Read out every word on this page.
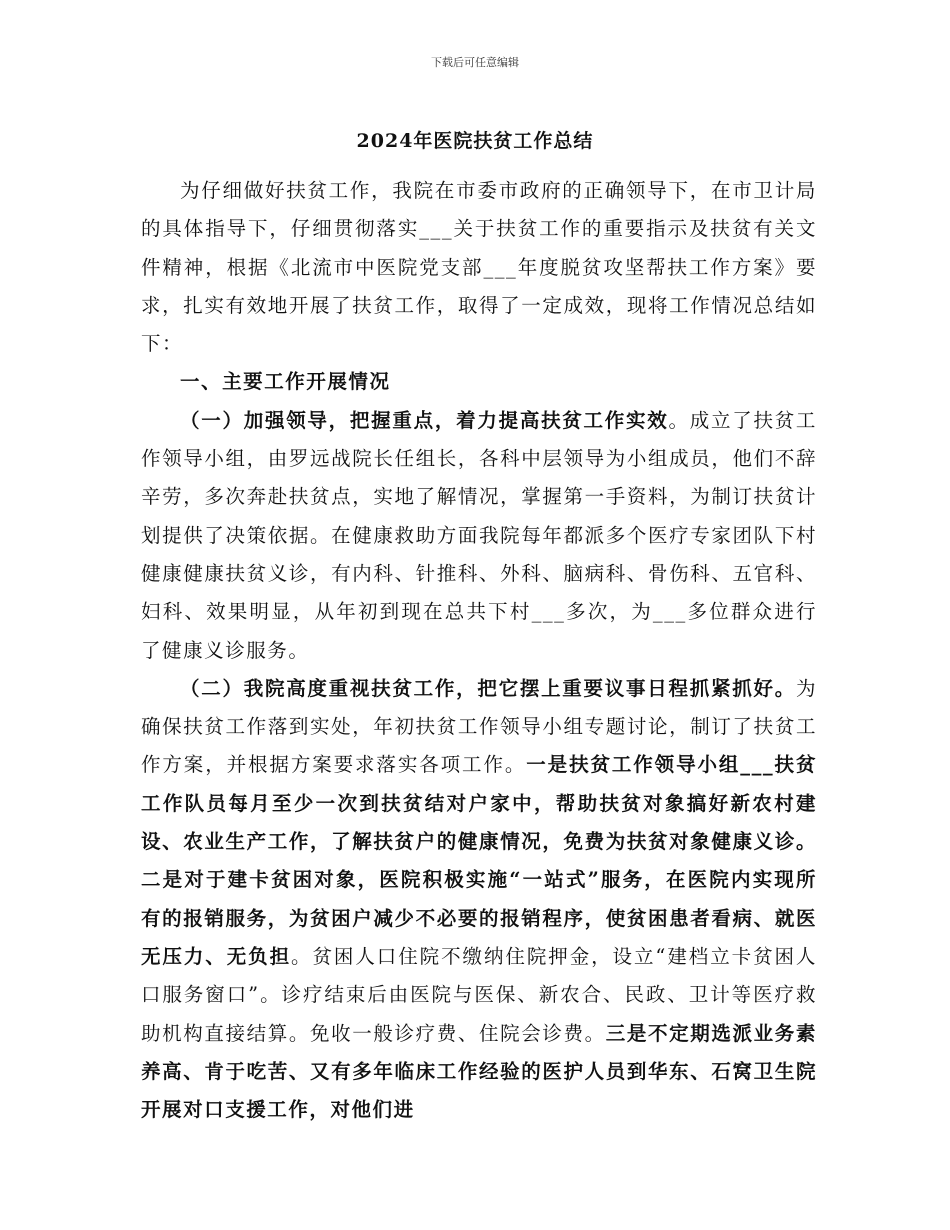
下载后可任意编辑
2024年医院扶贫工作总结

为仔细做好扶贫工作，我院在市委市政府的正确领导下，在市卫计局的具体指导下，仔细贯彻落实___关于扶贫工作的重要指示及扶贫有关文件精神，根据《北流市中医院党支部___年度脱贫攻坚帮扶工作方案》要求，扎实有效地开展了扶贫工作，取得了一定成效，现将工作情况总结如下：

一、主要工作开展情况

（一）加强领导，把握重点，着力提高扶贫工作实效。成立了扶贫工作领导小组，由罗远战院长任组长，各科中层领导为小组成员，他们不辞辛劳，多次奔赴扶贫点，实地了解情况，掌握第一手资料，为制订扶贫计划提供了决策依据。在健康救助方面我院每年都派多个医疗专家团队下村健康健康扶贫义诊，有内科、针推科、外科、脑病科、骨伤科、五官科、妇科、效果明显，从年初到现在总共下村___多次，为___多位群众进行了健康义诊服务。

（二）我院高度重视扶贫工作，把它摆上重要议事日程抓紧抓好。为确保扶贫工作落到实处，年初扶贫工作领导小组专题讨论，制订了扶贫工作方案，并根据方案要求落实各项工作。一是扶贫工作领导小组___扶贫工作队员每月至少一次到扶贫结对户家中，帮助扶贫对象搞好新农村建设、农业生产工作，了解扶贫户的健康情况，免费为扶贫对象健康义诊。二是对于建卡贫困对象，医院积极实施“一站式”服务，在医院内实现所有的报销服务，为贫困户减少不必要的报销程序，使贫困患者看病、就医无压力、无负担。贫困人口住院不缴纳住院押金，设立“建档立卡贫困人口服务窗口”。诊疗结束后由医院与医保、新农合、民政、卫计等医疗救助机构直接结算。免收一般诊疗费、住院会诊费。三是不定期选派业务素养高、肯于吃苦、又有多年临床工作经验的医护人员到华东、石窝卫生院开展对口支援工作，对他们进
